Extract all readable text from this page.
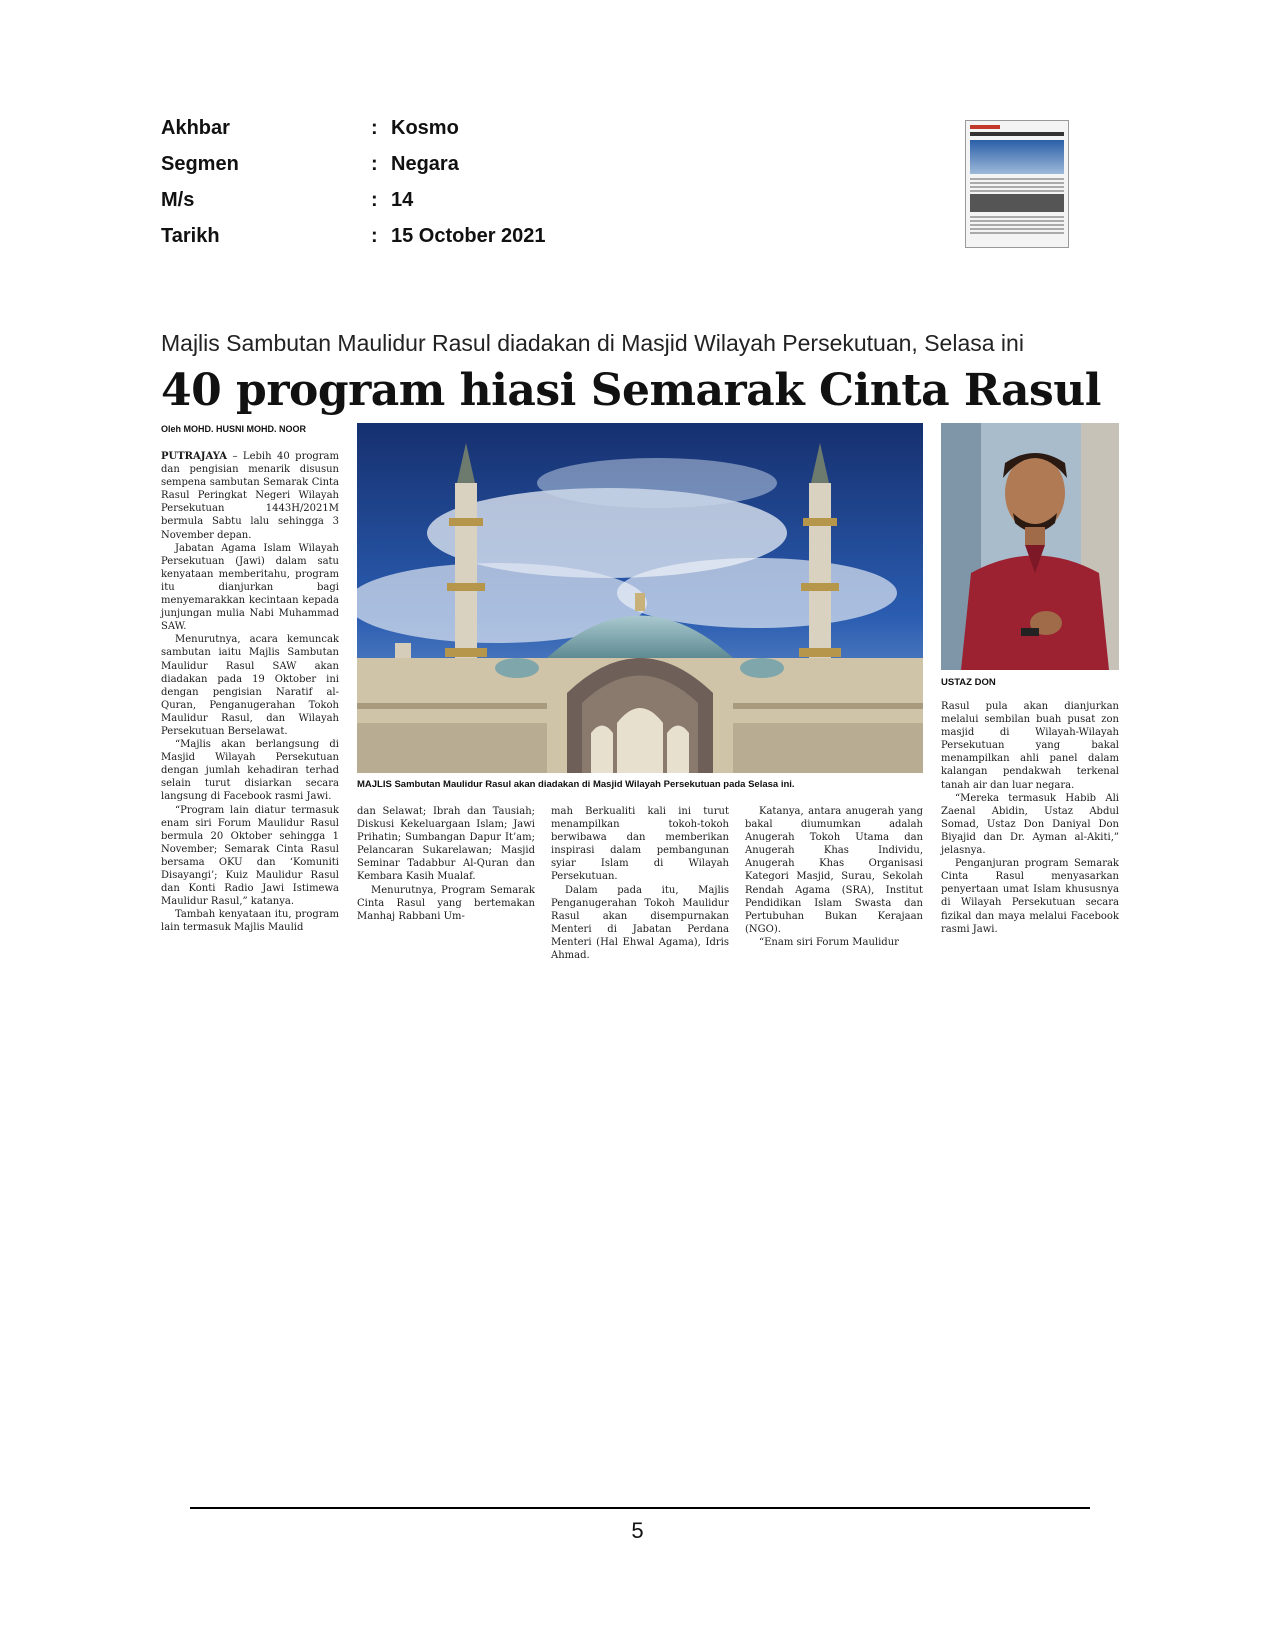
Akhbar	: Kosmo
Segmen	: Negara
M/s	: 14
Tarikh	: 15 October 2021
Majlis Sambutan Maulidur Rasul diadakan di Masjid Wilayah Persekutuan, Selasa ini
40 program hiasi Semarak Cinta Rasul
Oleh MOHD. HUSNI MOHD. NOOR
MAJLIS Sambutan Maulidur Rasul akan diadakan di Masjid Wilayah Persekutuan pada Selasa ini.
USTAZ DON

PUTRAJAYA – Lebih 40 program dan pengisian menarik disusun sempena sambutan Semarak Cinta Rasul Peringkat Negeri Wilayah Persekutuan 1443H/2021M bermula Sabtu lalu sehingga 3 November depan.

Jabatan Agama Islam Wilayah Persekutuan (Jawi) dalam satu kenyataan memberitahu, program itu dianjurkan bagi menyemarakkan kecintaan kepada junjungan mulia Nabi Muhammad SAW.

Menurutnya, acara kemuncak sambutan iaitu Majlis Sambutan Maulidur Rasul SAW akan diadakan pada 19 Oktober ini dengan pengisian Naratif al-Quran, Penganugerahan Tokoh Maulidur Rasul, dan Wilayah Persekutuan Berselawat.

“Majlis akan berlangsung di Masjid Wilayah Persekutuan dengan jumlah kehadiran terhad selain turut disiarkan secara langsung di Facebook rasmi Jawi.

“Program lain diatur termasuk enam siri Forum Maulidur Rasul bermula 20 Oktober sehingga 1 November; Semarak Cinta Rasul bersama OKU dan ‘Komuniti Disayangi’; Kuiz Maulidur Rasul dan Konti Radio Jawi Istimewa Maulidur Rasul,” katanya.

Tambah kenyataan itu, program lain termasuk Majlis Maulid

dan Selawat; Ibrah dan Tausiah; Diskusi Kekeluargaan Islam; Jawi Prihatin; Sumbangan Dapur It’am; Pelancaran Sukarelawan; Masjid Seminar Tadabbur Al-Quran dan Kembara Kasih Mualaf.

Menurutnya, Program Semarak Cinta Rasul yang bertemakan Manhaj Rabbani Um-

mah Berkualiti kali ini turut menampilkan tokoh-tokoh berwibawa dan memberikan inspirasi dalam pembangunan syiar Islam di Wilayah Persekutuan.

Dalam pada itu, Majlis Penganugerahan Tokoh Maulidur Rasul akan disempurnakan Menteri di Jabatan Perdana Menteri (Hal Ehwal Agama), Idris Ahmad.

Katanya, antara anugerah yang bakal diumumkan adalah Anugerah Tokoh Utama dan Anugerah Khas Individu, Anugerah Khas Organisasi Kategori Masjid, Surau, Sekolah Rendah Agama (SRA), Institut Pendidikan Islam Swasta dan Pertubuhan Bukan Kerajaan (NGO).

“Enam siri Forum Maulidur

Rasul pula akan dianjurkan melalui sembilan buah pusat zon masjid di Wilayah-Wilayah Persekutuan yang bakal menampilkan ahli panel dalam kalangan pendakwah terkenal tanah air dan luar negara.

“Mereka termasuk Habib Ali Zaenal Abidin, Ustaz Abdul Somad, Ustaz Don Daniyal Don Biyajid dan Dr. Ayman al-Akiti,” jelasnya.

Penganjuran program Semarak Cinta Rasul menyasarkan penyertaan umat Islam khususnya di Wilayah Persekutuan secara fizikal dan maya melalui Facebook rasmi Jawi.

5
